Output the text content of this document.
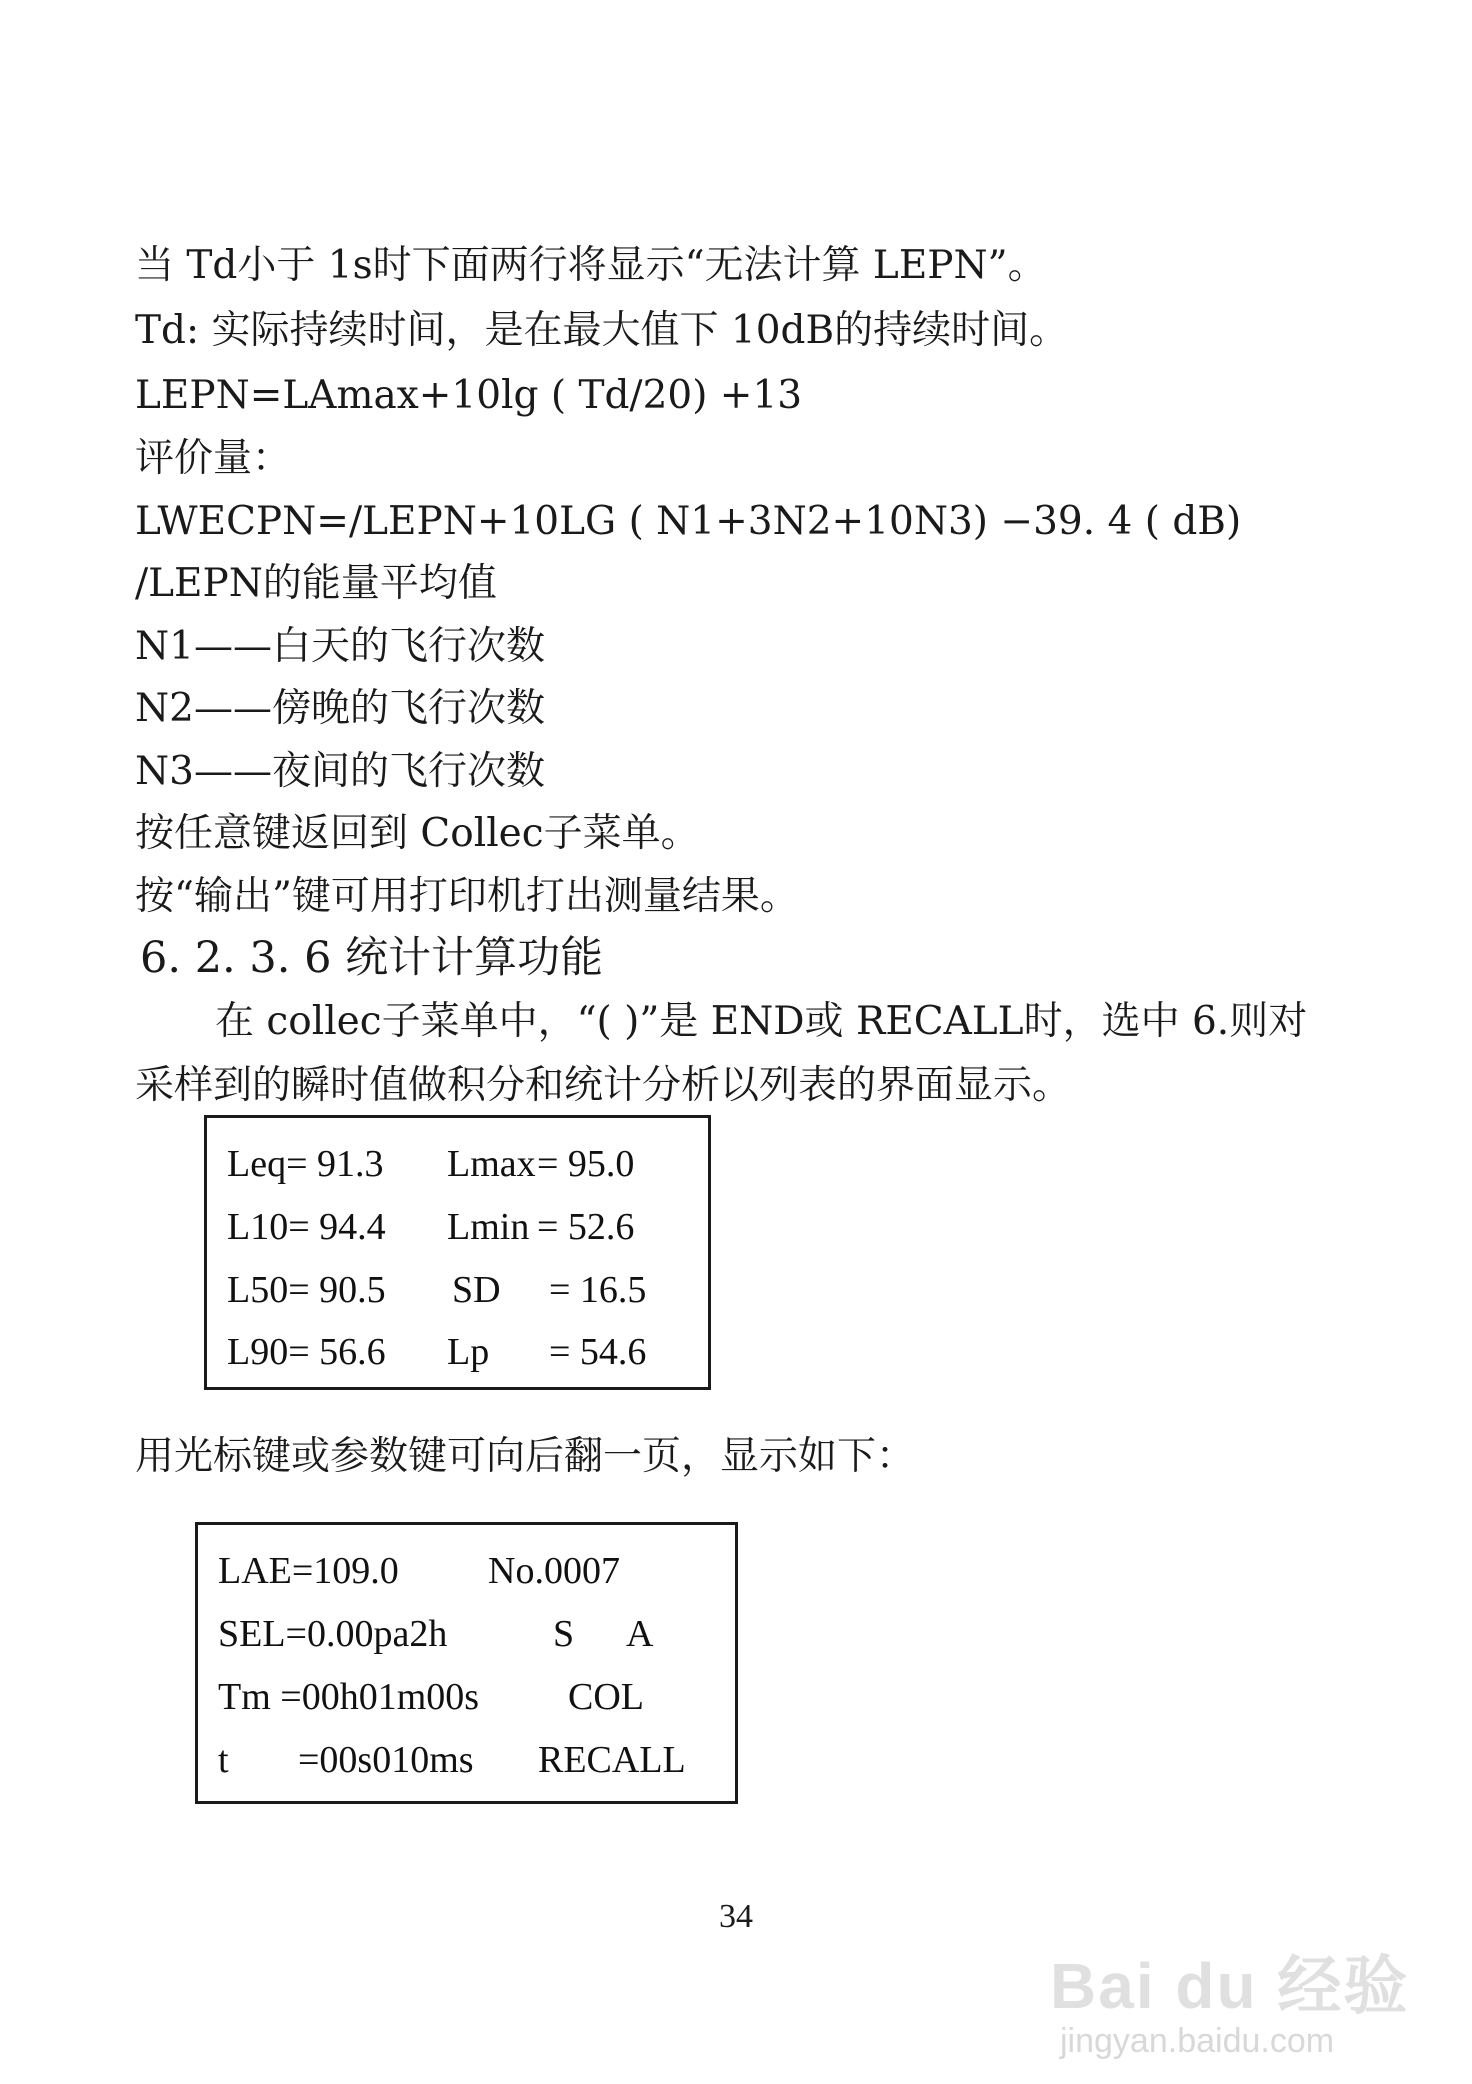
当 Td小于 1s时下面两行将显示“无法计算 LEPN”。
Td: 实际持续时间，是在最大值下 10dB的持续时间。
LEPN=LAmax+10lg ( Td/20) +13
评价量：
LWECPN=/LEPN+10LG ( N1+3N2+10N3) −39. 4 ( dB)
/LEPN的能量平均值
N1——白天的飞行次数
N2——傍晚的飞行次数
N3——夜间的飞行次数
按任意键返回到 Collec子菜单。
按“输出”键可用打印机打出测量结果。
6. 2. 3. 6 统计计算功能
在 collec子菜单中，“( )”是 END或 RECALL时，选中 6.则对
采样到的瞬时值做积分和统计分析以列表的界面显示。
Leq= 91.3 Lmax = 95.0
L10= 94.4 Lmin = 52.6
L50= 90.5 SD = 16.5
L90= 56.6 Lp = 54.6
用光标键或参数键可向后翻一页，显示如下：
LAE=109.0 No.0007
SEL=0.00pa2h	S A
Tm =00h01m00s COL
t =00s010ms RECALL
34
Bai du 经验
jingyan.baidu.com
